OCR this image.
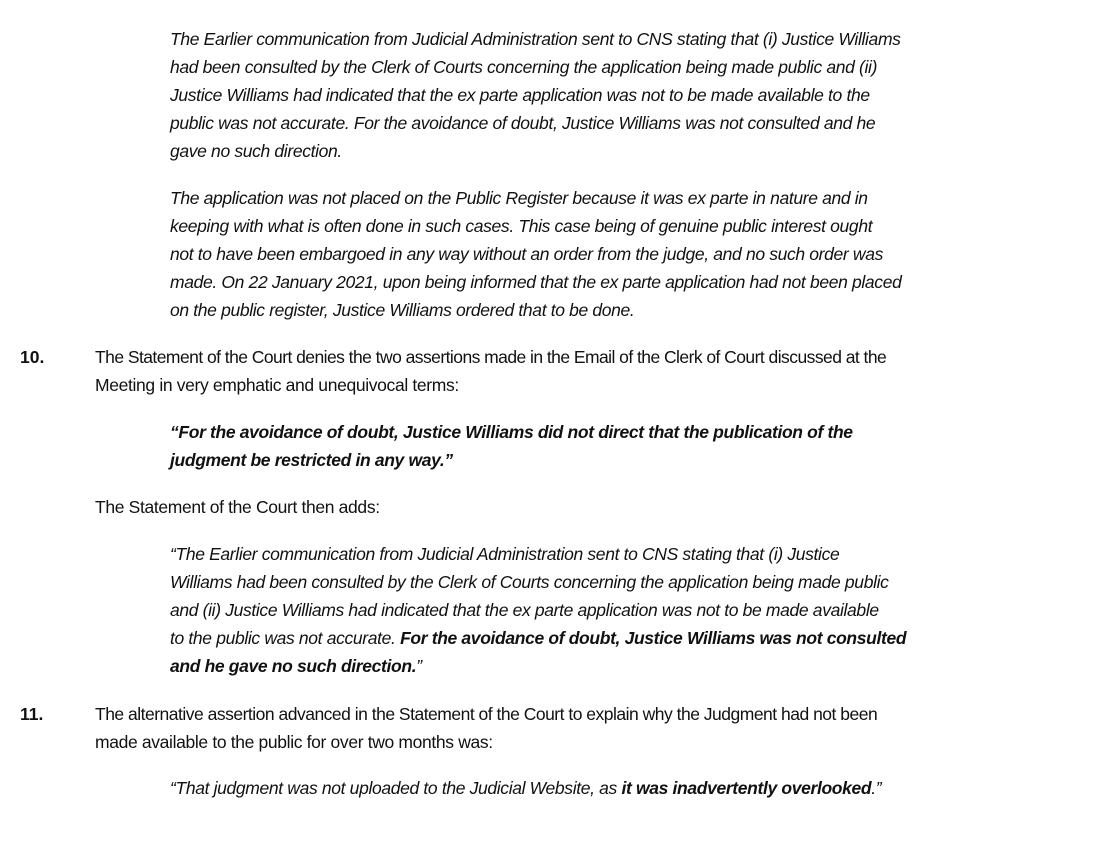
The Earlier communication from Judicial Administration sent to CNS stating that (i) Justice Williams
had been consulted by the Clerk of Courts concerning the application being made public and (ii)
Justice Williams had indicated that the ex parte application was not to be made available to the
public was not accurate. For the avoidance of doubt, Justice Williams was not consulted and he
gave no such direction.
The application was not placed on the Public Register because it was ex parte in nature and in
keeping with what is often done in such cases. This case being of genuine public interest ought
not to have been embargoed in any way without an order from the judge, and no such order was
made. On 22 January 2021, upon being informed that the ex parte application had not been placed
on the public register, Justice Williams ordered that to be done.
10.	The Statement of the Court denies the two assertions made in the Email of the Clerk of Court discussed at the
Meeting in very emphatic and unequivocal terms:
“For the avoidance of doubt, Justice Williams did not direct that the publication of the
judgment be restricted in any way.”
The Statement of the Court then adds:
“The Earlier communication from Judicial Administration sent to CNS stating that (i) Justice
Williams had been consulted by the Clerk of Courts concerning the application being made public
and (ii) Justice Williams had indicated that the ex parte application was not to be made available
to the public was not accurate. For the avoidance of doubt, Justice Williams was not consulted
and he gave no such direction.”
11.	The alternative assertion advanced in the Statement of the Court to explain why the Judgment had not been
made available to the public for over two months was:
“That judgment was not uploaded to the Judicial Website, as it was inadvertently overlooked.”
